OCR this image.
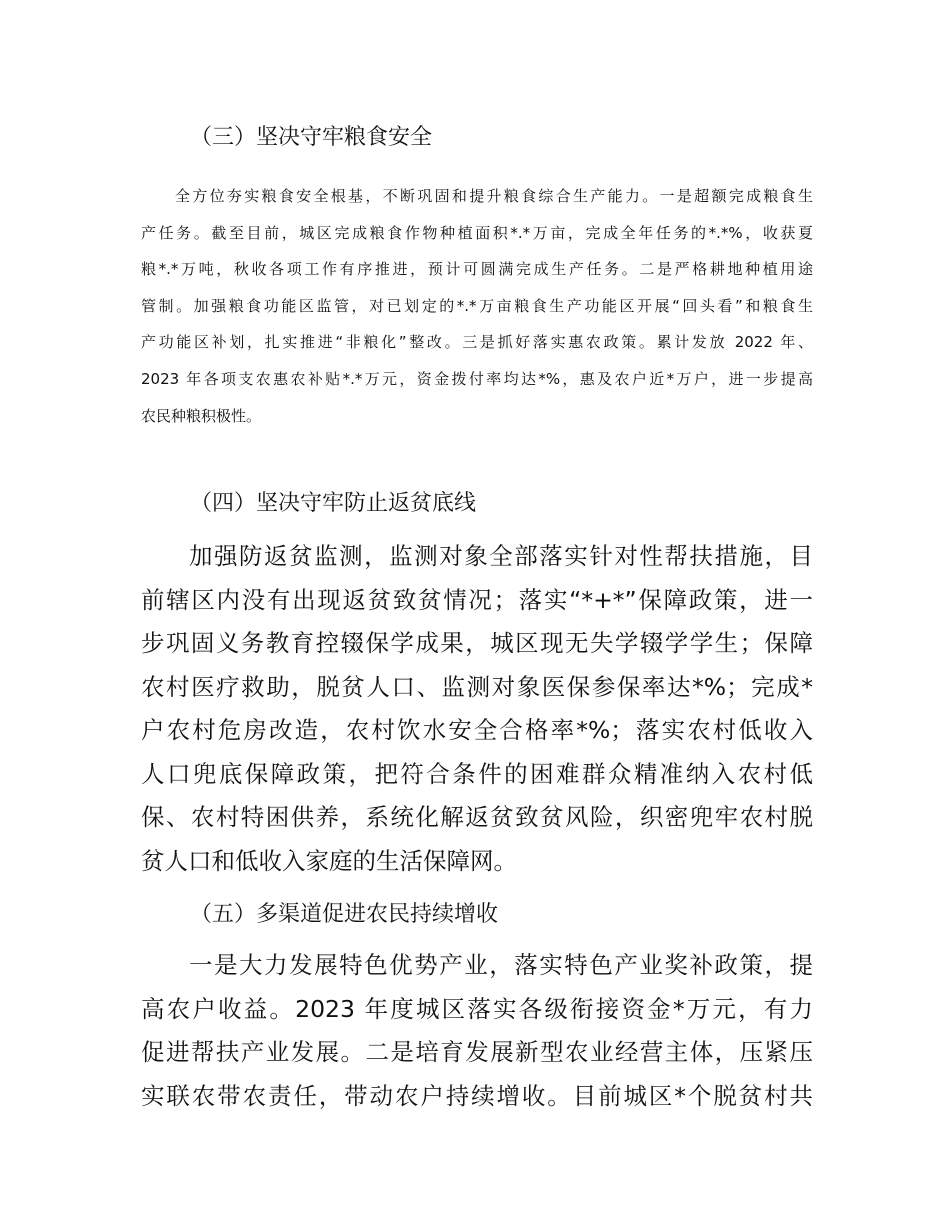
（三）坚决守牢粮食安全
全方位夯实粮食安全根基，不断巩固和提升粮食综合生产能力。一是超额完成粮食生
产任务。截至目前，城区完成粮食作物种植面积*.*万亩，完成全年任务的*.*%，收获夏
粮*.*万吨，秋收各项工作有序推进，预计可圆满完成生产任务。二是严格耕地种植用途
管制。加强粮食功能区监管，对已划定的*.*万亩粮食生产功能区开展“回头看”和粮食生
产功能区补划，扎实推进“非粮化”整改。三是抓好落实惠农政策。累计发放 2022 年、
2023 年各项支农惠农补贴*.*万元，资金拨付率均达*%，惠及农户近*万户，进一步提高
农民种粮积极性。
（四）坚决守牢防止返贫底线
加强防返贫监测，监测对象全部落实针对性帮扶措施，目
前辖区内没有出现返贫致贫情况；落实“*+*”保障政策，进一
步巩固义务教育控辍保学成果，城区现无失学辍学学生；保障
农村医疗救助，脱贫人口、监测对象医保参保率达*%；完成*
户农村危房改造，农村饮水安全合格率*%；落实农村低收入
人口兜底保障政策，把符合条件的困难群众精准纳入农村低
保、农村特困供养，系统化解返贫致贫风险，织密兜牢农村脱
贫人口和低收入家庭的生活保障网。
（五）多渠道促进农民持续增收
一是大力发展特色优势产业，落实特色产业奖补政策，提
高农户收益。2023 年度城区落实各级衔接资金*万元，有力
促进帮扶产业发展。二是培育发展新型农业经营主体，压紧压
实联农带农责任，带动农户持续增收。目前城区*个脱贫村共
